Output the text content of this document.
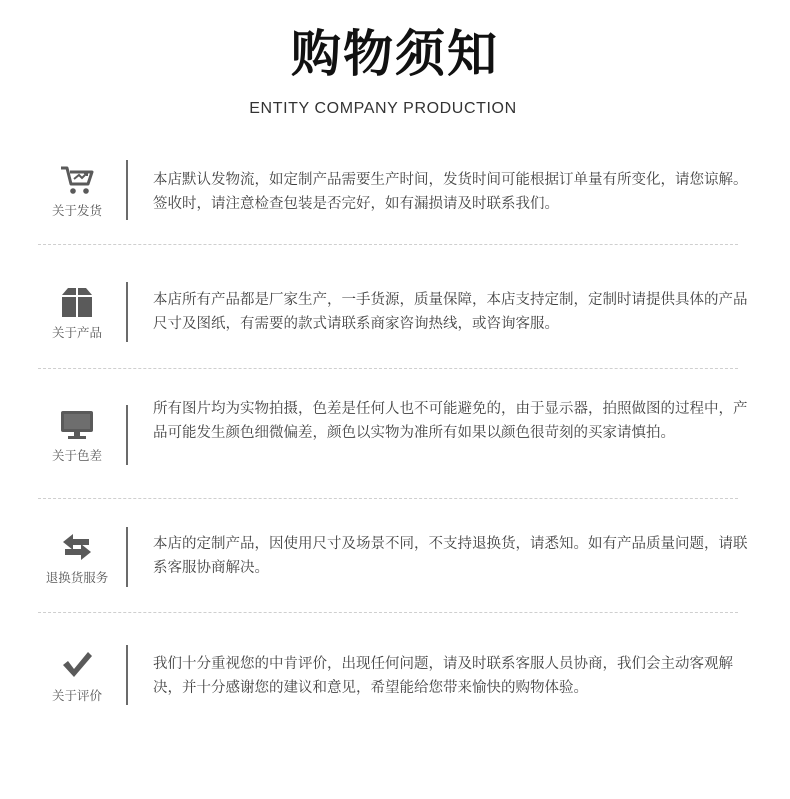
购物须知
ENTITY COMPANY PRODUCTION
关于发货
本店默认发物流，如定制产品需要生产时间，发货时间可能根据订单量有所变化，请您谅解。签收时，请注意检查包装是否完好，如有漏损请及时联系我们。
关于产品
本店所有产品都是厂家生产，一手货源，质量保障，本店支持定制，定制时请提供具体的产品尺寸及图纸，有需要的款式请联系商家咨询热线，或咨询客服。
关于色差
所有图片均为实物拍摄，色差是任何人也不可能避免的，由于显示器，拍照做图的过程中，产品可能发生颜色细微偏差，颜色以实物为准所有如果以颜色很苛刻的买家请慎拍。
退换货服务
本店的定制产品，因使用尺寸及场景不同，不支持退换货，请悉知。如有产品质量问题，请联系客服协商解决。
关于评价
我们十分重视您的中肯评价，出现任何问题，请及时联系客服人员协商，我们会主动客观解决，并十分感谢您的建议和意见，希望能给您带来愉快的购物体验。
